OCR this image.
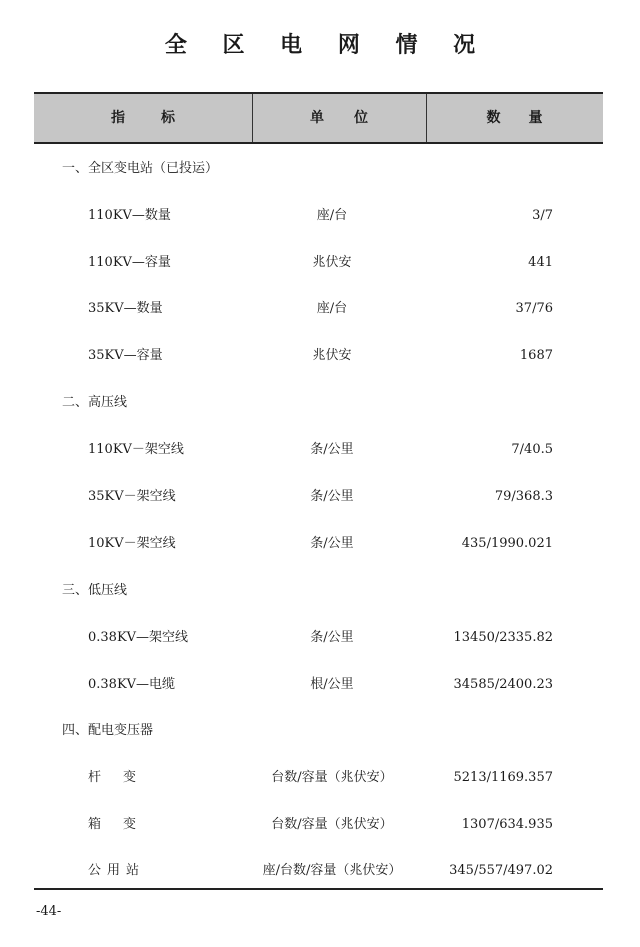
全 区 电 网 情 况
指标	单位	数量
一、全区变电站（已投运）
110KV—数量	座/台	3/7
110KV—容量	兆伏安	441
35KV—数量	座/台	37/76
35KV—容量	兆伏安	1687
二、高压线
110KV－架空线	条/公里	7/40.5
35KV－架空线	条/公里	79/368.3
10KV－架空线	条/公里	435/1990.021
三、低压线
0.38KV—架空线	条/公里	13450/2335.82
0.38KV—电缆	根/公里	34585/2400.23
四、配电变压器
杆变	台数/容量（兆伏安）	5213/1169.357
箱变	台数/容量（兆伏安）	1307/634.935
公用站	座/台数/容量（兆伏安）	345/557/497.02
-44-
